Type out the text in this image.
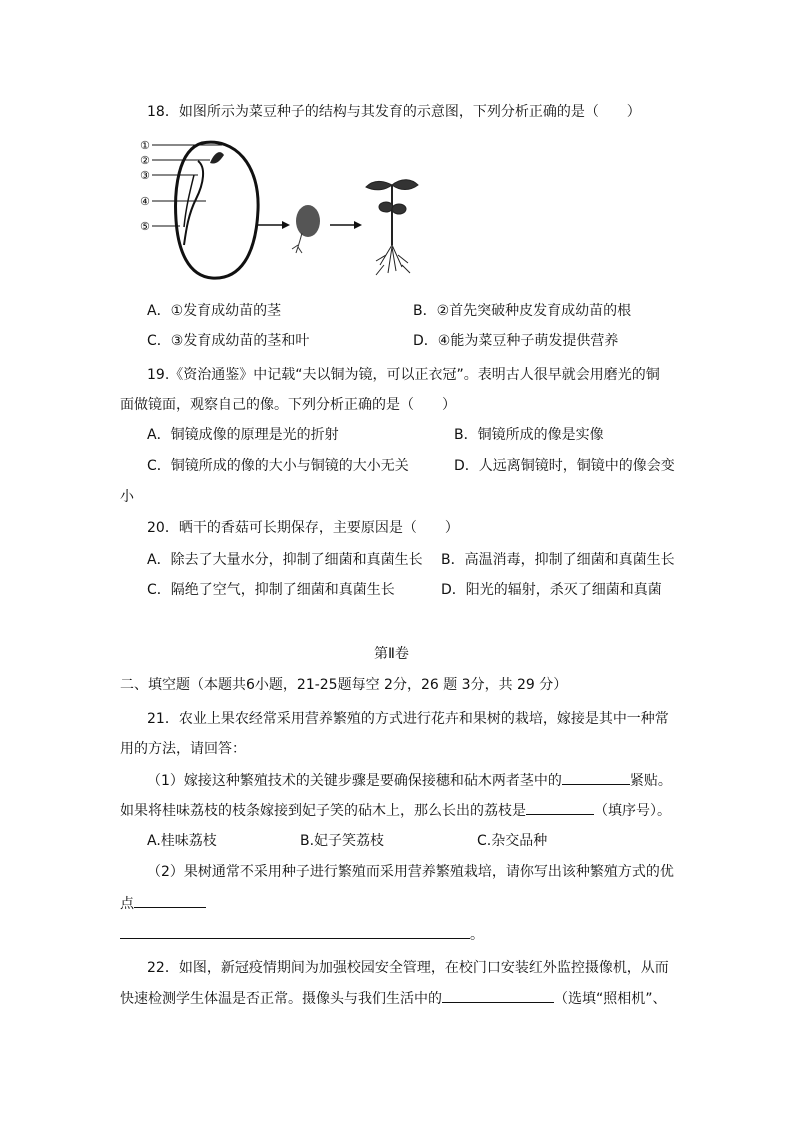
18．如图所示为菜豆种子的结构与其发育的示意图，下列分析正确的是（　　）
①
②
③
④
⑤
A．①发育成幼苗的茎	B．②首先突破种皮发育成幼苗的根
C．③发育成幼苗的茎和叶	D．④能为菜豆种子萌发提供营养
19.《资治通鉴》中记载“夫以铜为镜，可以正衣冠”。表明古人很早就会用磨光的铜
面做镜面，观察自己的像。下列分析正确的是（　　）
A．铜镜成像的原理是光的折射	B．铜镜所成的像是实像
C．铜镜所成的像的大小与铜镜的大小无关	D．人远离铜镜时，铜镜中的像会变
小
20．晒干的香菇可长期保存，主要原因是（　　）
A．除去了大量水分，抑制了细菌和真菌生长 B．高温消毒，抑制了细菌和真菌生长
C．隔绝了空气，抑制了细菌和真菌生长	D．阳光的辐射，杀灭了细菌和真菌
第Ⅱ卷
二、填空题（本题共6小题，21-25题每空 2分，26 题 3分，共 29 分）
21．农业上果农经常采用营养繁殖的方式进行花卉和果树的栽培，嫁接是其中一种常
用的方法，请回答：
（1）嫁接这种繁殖技术的关键步骤是要确保接穗和砧木两者茎中的	紧贴。
如果将桂味荔枝的枝条嫁接到妃子笑的砧木上，那么长出的荔枝是	（填序号）。
A.桂味荔枝	B.妃子笑荔枝	C.杂交品种
（2）果树通常不采用种子进行繁殖而采用营养繁殖栽培，请你写出该种繁殖方式的优
点
。
22．如图，新冠疫情期间为加强校园安全管理，在校门口安装红外监控摄像机，从而
快速检测学生体温是否正常。摄像头与我们生活中的	（选填“照相机”、
